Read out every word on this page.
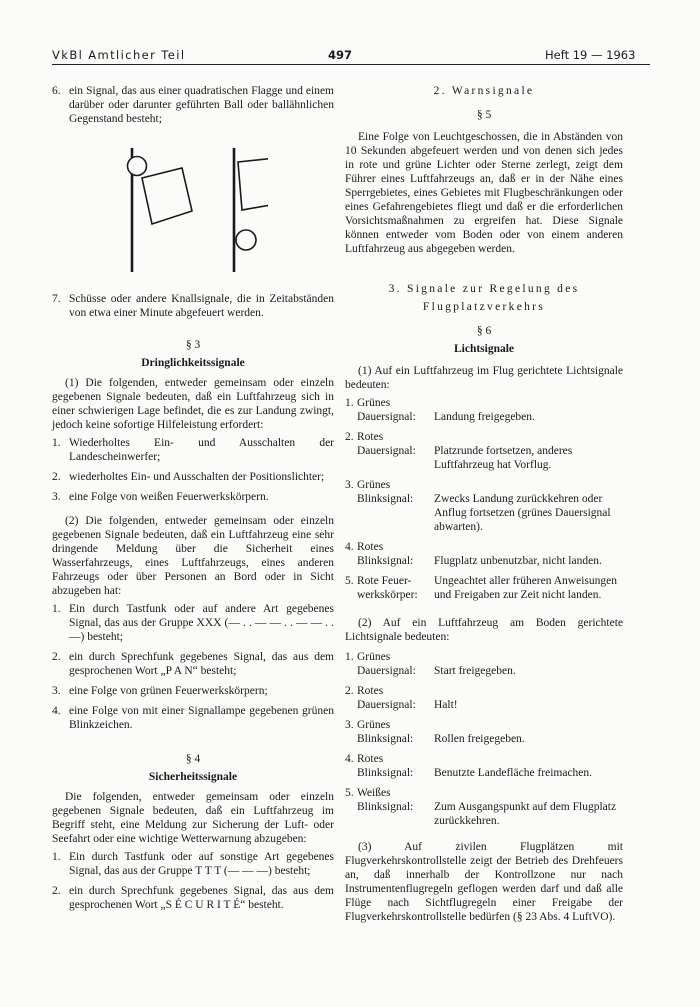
VkBl Amtlicher Teil	497	Heft 19 — 1963
6. ein Signal, das aus einer quadratischen Flagge und einem darüber oder darunter geführten Ball oder ballähnlichen Gegenstand besteht;
7. Schüsse oder andere Knallsignale, die in Zeitabständen von etwa einer Minute abgefeuert werden.
§ 3
Dringlichkeitssignale

(1) Die folgenden, entweder gemeinsam oder einzeln gegebenen Signale bedeuten, daß ein Luftfahrzeug sich in einer schwierigen Lage befindet, die es zur Landung zwingt, jedoch keine sofortige Hilfeleistung erfordert:

1. Wiederholtes Ein- und Ausschalten der Landescheinwerfer;
2. wiederholtes Ein- und Ausschalten der Positionslichter;
3. eine Folge von weißen Feuerwerkskörpern.

(2) Die folgenden, entweder gemeinsam oder einzeln gegebenen Signale bedeuten, daß ein Luftfahrzeug eine sehr dringende Meldung über die Sicherheit eines Wasserfahrzeugs, eines Luftfahrzeugs, eines anderen Fahrzeugs oder über Personen an Bord oder in Sicht abzugeben hat:

1. Ein durch Tastfunk oder auf andere Art gegebenes Signal, das aus der Gruppe XXX (— . . — — . . — — . . —) besteht;
2. ein durch Sprechfunk gegebenes Signal, das aus dem gesprochenen Wort „P A N“ besteht;
3. eine Folge von grünen Feuerwerkskörpern;
4. eine Folge von mit einer Signallampe gegebenen grünen Blinkzeichen.
§ 4
Sicherheitssignale

Die folgenden, entweder gemeinsam oder einzeln gegebenen Signale bedeuten, daß ein Luftfahrzeug im Begriff steht, eine Meldung zur Sicherung der Luft- oder Seefahrt oder eine wichtige Wetterwarnung abzugeben:

1. Ein durch Tastfunk oder auf sonstige Art gegebenes Signal, das aus der Gruppe T T T (— — —) besteht;
2. ein durch Sprechfunk gegebenes Signal, das aus dem gesprochenen Wort „S É C U R I T É“ besteht.
2. Warnsignale
§ 5

Eine Folge von Leuchtgeschossen, die in Abständen von 10 Sekunden abgefeuert werden und von denen sich jedes in rote und grüne Lichter oder Sterne zerlegt, zeigt dem Führer eines Luftfahrzeugs an, daß er in der Nähe eines Sperrgebietes, eines Gebietes mit Flugbeschränkungen oder eines Gefahrengebietes fliegt und daß er die erforderlichen Vorsichtsmaßnahmen zu ergreifen hat. Diese Signale können entweder vom Boden oder von einem anderen Luftfahrzeug aus abgegeben werden.

3. Signale zur Regelung des
Flugplatzverkehrs
§ 6
Lichtsignale

(1) Auf ein Luftfahrzeug im Flug gerichtete Lichtsignale bedeuten:

1. Grünes
Dauersignal:	Landung freigegeben.
2. Rotes
Dauersignal:	Platzrunde fortsetzen, anderes Luftfahrzeug hat Vorflug.
3. Grünes
Blinksignal:	Zwecks Landung zurückkehren oder Anflug fortsetzen (grünes Dauersignal abwarten).
4. Rotes
Blinksignal:	Flugplatz unbenutzbar, nicht landen.
5. Rote Feuer-
werkskörper:
Ungeachtet aller früheren Anweisungen und Freigaben zur Zeit nicht landen.

(2) Auf ein Luftfahrzeug am Boden gerichtete Lichtsignale bedeuten:

1. Grünes
Dauersignal:	Start freigegeben.
2. Rotes
Dauersignal:	Halt!
3. Grünes
Blinksignal:	Rollen freigegeben.
4. Rotes
Blinksignal:	Benutzte Landefläche freimachen.
5. Weißes
Blinksignal:	Zum Ausgangspunkt auf dem Flugplatz zurückkehren.

(3) Auf zivilen Flugplätzen mit Flugverkehrskontrollstelle zeigt der Betrieb des Drehfeuers an, daß innerhalb der Kontrollzone nur nach Instrumentenflugregeln geflogen werden darf und daß alle Flüge nach Sichtflugregeln einer Freigabe der Flugverkehrskontrollstelle bedürfen (§ 23 Abs. 4 LuftVO).
